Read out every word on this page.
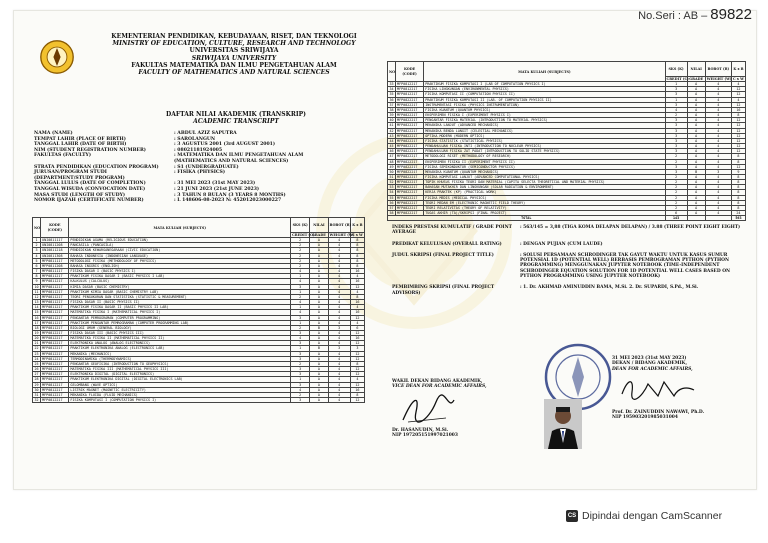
KEMENTERIAN PENDIDIKAN, KEBUDAYAAN, RISET, DAN TEKNOLOGI
MINISTRY OF EDUCATION, CULTURE, RESEARCH AND TECHNOLOGY
UNIVERSITAS SRIWIJAYA
SRIWIJAYA UNIVERSITY
FAKULTAS MATEMATIKA DAN ILMU PENGETAHUAN ALAM
FACULTY OF MATHEMATICS AND NATURAL SCIENCES
DAFTAR NILAI AKADEMIK (TRANSKRIP)
ACADEMIC TRANSCRIPT
NAMA (NAME)	: ABDUL AZIZ SAPUTRA
TEMPAT LAHIR (PLACE OF BIRTH)	: SAROLANGUN
TANGGAL LAHIR (DATE OF BIRTH)	: 3 AGUSTUS 2001 (3rd AUGUST 2001)
NIM (STUDENT REGISTRATION NUMBER)	: 08021181924005
FAKULTAS (FACULTY)	: MATEMATIKA DAN ILMU PENGETAHUAN ALAM
(MATHEMATICS AND NATURAL SCIENCES)
STRATA PENDIDIKAN (EDUCATION PROGRAM)	: S1 (UNDERGRADUATE)
JURUSAN/PROGRAM STUDI	: FISIKA (PHYSICS)
(DEPARTMENT/STUDY PROGRAM)
TANGGAL LULUS (DATE OF COMPLETION)	: 31 MEI 2023 (31st MAY 2023)
TANGGAL WISUDA (CONVOCATION DATE)	: 21 JUNI 2023 (21st JUNE 2023)
MASA STUDI (LENGTH OF STUDY)	: 3 TAHUN 8 BULAN (3 YEARS 8 MONTHS)
NOMOR IJAZAH (CERTIFICATE NUMBER)	: L 148606-08-2023 N: 452012023000227
NO	KODE (CODE)	MATA KULIAH (SUBJECTS)	SKS (K)	NILAI	BOBOT (B)	K x B
			CREDIT (C)	GRADE	WEIGHT (W)	C x W
1	UNI0811117	PENDIDIKAN AGAMA (RELIGIOUS EDUCATION)	2	A	4	8
2	UNI0811208	PANCASILA (PANCASILA)	2	A	4	8
3	UNI0811218	PENDIDIKAN KEWARGANEGARAAN (CIVIC EDUCATION)	2	A	4	8
4	UNI0811308	BAHASA INDONESIA (INDONESIAN LANGUAGE)	2	A	4	8
5	MFP0811117	METODOLOGI FISIKA (METHODOLOGY OF PHYSICS)	2	A	4	8
6	MFP0811208	BAHASA INGGRIS (ENGLISH)	2	A	4	8
7	MFP0811117	FISIKA DASAR I (BASIC PHYSICS I)	4	A	4	16
8	MFP0811217	PRAKTIKUM FISIKA DASAR I (BASIC PHYSICS I LAB)	1	A	4	4
9	MFP0811217	KALKULUS (CALCULUS)	4	A	4	16
10	MFP0811217	KIMIA DASAR (BASIC CHEMISTRY)	3	A	4	12
11	MFP0811217	PRAKTIKUM KIMIA DASAR (BASIC CHEMISTRY LAB)	1	A	4	4
12	MFP0811217	TEORI PENGUKURAN DAN STATISTIKA (STATISTIC & MEASUREMENT)	2	A	4	8
13	MFP0811217	FISIKA DASAR II (BASIC PHYSICS II)	4	A	4	16
14	MFP0811217	PRAKTIKUM FISIKA DASAR II (BASIC PHYSICS II LAB)	1	A	4	4
15	MFP0811217	MATEMATIKA FISIKA I (MATHEMATICAL PHYSICS I)	4	A	4	16
16	MFP0811217	PENGANTAR PEMROGRAMAN (COMPUTER PROGRAMMING)	3	A	4	12
17	MFP0811217	PRAKTIKUM PENGANTAR PEMROGRAMAN (COMPUTER PROGRAMMING LAB)	1	A	4	4
18	MFP0811217	BIOLOGI UMUM (GENERAL BIOLOGY)	2	B	3	6
19	MFP0812217	FISIKA DASAR III (BASIC PHYSICS III)	3	A	4	12
20	MFP0812217	MATEMATIKA FISIKA II (MATHEMATICAL PHYSICS II)	4	A	4	16
21	MFP0812217	ELEKTRONIKA ANALOG (ANALOG ELECTRONICS)	3	A	4	12
22	MFP0812217	PRAKTIKUM ELEKTRONIKA ANALOG (ELECTRONICS LAB)	1	B	3	3
23	MFP0812217	MEKANIKA (MECHANICS)	3	A	4	12
24	MFP0812217	TERMODINAMIKA (THERMODYNAMICS)	3	A	4	12
25	MFP0812217	PENGANTAR GEOFISIKA (INTRODUCTION TO GEOPHYSICS)	2	A	4	8
26	MFP0812217	MATEMATIKA FISIKA III (MATHEMATICAL PHYSICS III)	3	A	4	12
27	MFP0812217	ELEKTRONIKA DIGITAL (DIGITAL ELECTRONICS)	3	A	4	12
28	MFP0812217	PRAKTIKUM ELEKTRONIKA DIGITAL (DIGITAL ELECTRONICS LAB)	1	A	4	4
29	MFP0812217	GELOMBANG (WAVE OPTICS)	3	A	4	12
30	MFP0812217	LISTRIK MAGNET (MAGNETIC ELECTRICITY)	4	A	4	16
31	MFP0812217	MEKANIKA FLUIDA (FLUID MECHANICS)	2	A	4	8
32	MFP0812217	FISIKA KOMPUTASI I (COMPUTATION PHYSICS I)	3	A	4	12
NO	KODE (CODE)	MATA KULIAH (SUBJECTS)	SKS (K)	NILAI	BOBOT (B)	K x B
			CREDIT (C)	GRADE	WEIGHT (W)	C x W
33	MFP0812217	PRAKTIKUM FISIKA KOMPUTASI I (LAB OF COMPUTATION PHYSICS I)	1	A	4	4
34	MFP0812217	FISIKA LINGKUNGAN (ENVIRONMENTAL PHYSICS)	3	A	4	12
35	MFP0812217	FISIKA KOMPUTASI II (COMPUTATION PHYSICS II)	3	A	4	12
36	MFP0822217	PRAKTIKUM FISIKA KOMPUTASI II (LAB. OF COMPUTATION PHYSICS II)	1	A	4	4
37	MFP0822217	INSTRUMENTASI FISIKA (PHYSICS INSTRUMENTATION)	3	A	4	12
38	MFP0822217	FISIKA KUANTUM (QUANTUM PHYSICS)	4	A	4	16
39	MFP0822217	EKSPERIMEN FISIKA I (EXPERIMENT PHYSICS I)	2	A	4	8
40	MFP0822217	PENGANTAR FISIKA MATERIAL (INTRODUCTION TO MATERIAL PHYSICS)	3	A	4	12
41	MFP0822217	MEKANIKA LANJUT (ADVANCED MECHANICS)	3	A	4	12
42	MFP0822217	MEKANIKA BENDA LANGIT (CELESTIAL MECHANICS)	3	A	4	12
43	MFP0822217	OPTIKA MODERN (MODERN OPTICS)	3	A	4	12
44	MFP0822217	FISIKA STATISTIK (STATISTICAL PHYSICS)	3	A	4	12
45	MFP0822217	PENDAHULUAN FISIKA INTI (INTRODUCTION TO NUCLEAR PHYSICS)	3	A	4	12
46	MFP0822217	PENDAHULUAN FISIKA ZAT PADAT (INTRODUCTION TO SOLID STATE PHYSICS)	3	A	4	12
47	MFP0822217	METODOLOGI RISET (METHODOLOGY OF RESEARCH)	2	A	4	8
48	MFP0822217	EKSPERIMEN FISIKA II (EXPERIMENT PHYSICS II)	2	A	4	8
49	MFP0822217	FISIKA SEMIKONDUKTOR (SEMICONDUCTOR PHYSICS)	3	A	4	12
50	MFP0822217	MEKANIKA KUANTUM (QUANTUM MECHANICS)	3	B	3	9
51	MFP0822217	FISIKA KOMPUTASI LANJUT (ADVANCED COMPUTATIONAL PHYSICS)	2	A	4	8
52	MFP0822217	TOPIK KHUSUS FISIKA TEORI DAN MATERIAL (CAPITA SELECTA THEORETICAL AND MATERIAL PHYSICS)	2	A	4	8
53	MFP0822217	BAHASAN MUTAKHIR DAN LINGKUNGAN (SOLAR RADIATION & ENVIRONMENT)	2	A	4	8
54	MFP0822217	KERJA PRAKTEK (KP) (PRACTICAL WORK)	2	A	4	8
55	MFP0822217	FISIKA MEDIS (MEDICAL PHYSICS)	2	A	4	8
56	MFP0822217	TEORI MEDAN EM (ELECTRONIC MAGNETIC FIELD THEORY)	2	A	4	8
57	MFP0822217	TEORI RELATIVITAS (THEORY OF RELATIVITY)	2	A	4	8
58	MFP0822217	TUGAS AKHIR (TA)/SKRIPSI (FINAL PROJECT)	6	A	4	24
TOTAL			143			563
INDEKS PRESTASI KUMULATIF / GRADE POINT AVERAGE
: 563/145 = 3,88 (TIGA KOMA DELAPAN DELAPAN) / 3.88 (THREE POINT EIGHT EIGHT)
PREDIKAT KELULUSAN (OVERALL RATING)	: DENGAN PUJIAN (CUM LAUDE)
JUDUL SKRIPSI (FINAL PROJECT TITLE)	: SOLUSI PERSAMAAN SCHRODINGER TAK GAYUT WAKTU UNTUK KASUS SUMUR POTENSIAL 1D (POTENTIAL WELL) BERBASIS PEMROGRAMAN PYTHON (PYTHON PROGRAMMING) MENGGUNAKAN JUPYTER NOTEBOOK (TIME-INDEPENDENT SCHRODINGER EQUATION SOLUTION FOR 1D POTENTIAL WELL CASES BASED ON PYTHON PROGRAMMING USING JUPYTER NOTEBOOK)
PEMBIMBING SKRIPSI (FINAL PROJECT ADVISORS)
: 1. Dr. AKHMAD AMINUDDIN BAMA, M.Si. 2. Dr. SUPARDI, S.Pd., M.Si.
WAKIL DEKAN BIDANG AKADEMIK,
VICE DEAN FOR ACADEMIC AFFAIRS,
Dr. HASANUDIN, M.Si.
NIP 197205151997021003
31 MEI 2023 (31st MAY 2023)
DEKAN / BIDANG AKADEMIK,
DEAN FOR ACADEMIC AFFAIRS,
Prof. Dr. ZAINUDDIN NAWAWI, Ph.D.
NIP 195903201985031004
No.Seri : AB – 89822
CS Dipindai dengan CamScanner
